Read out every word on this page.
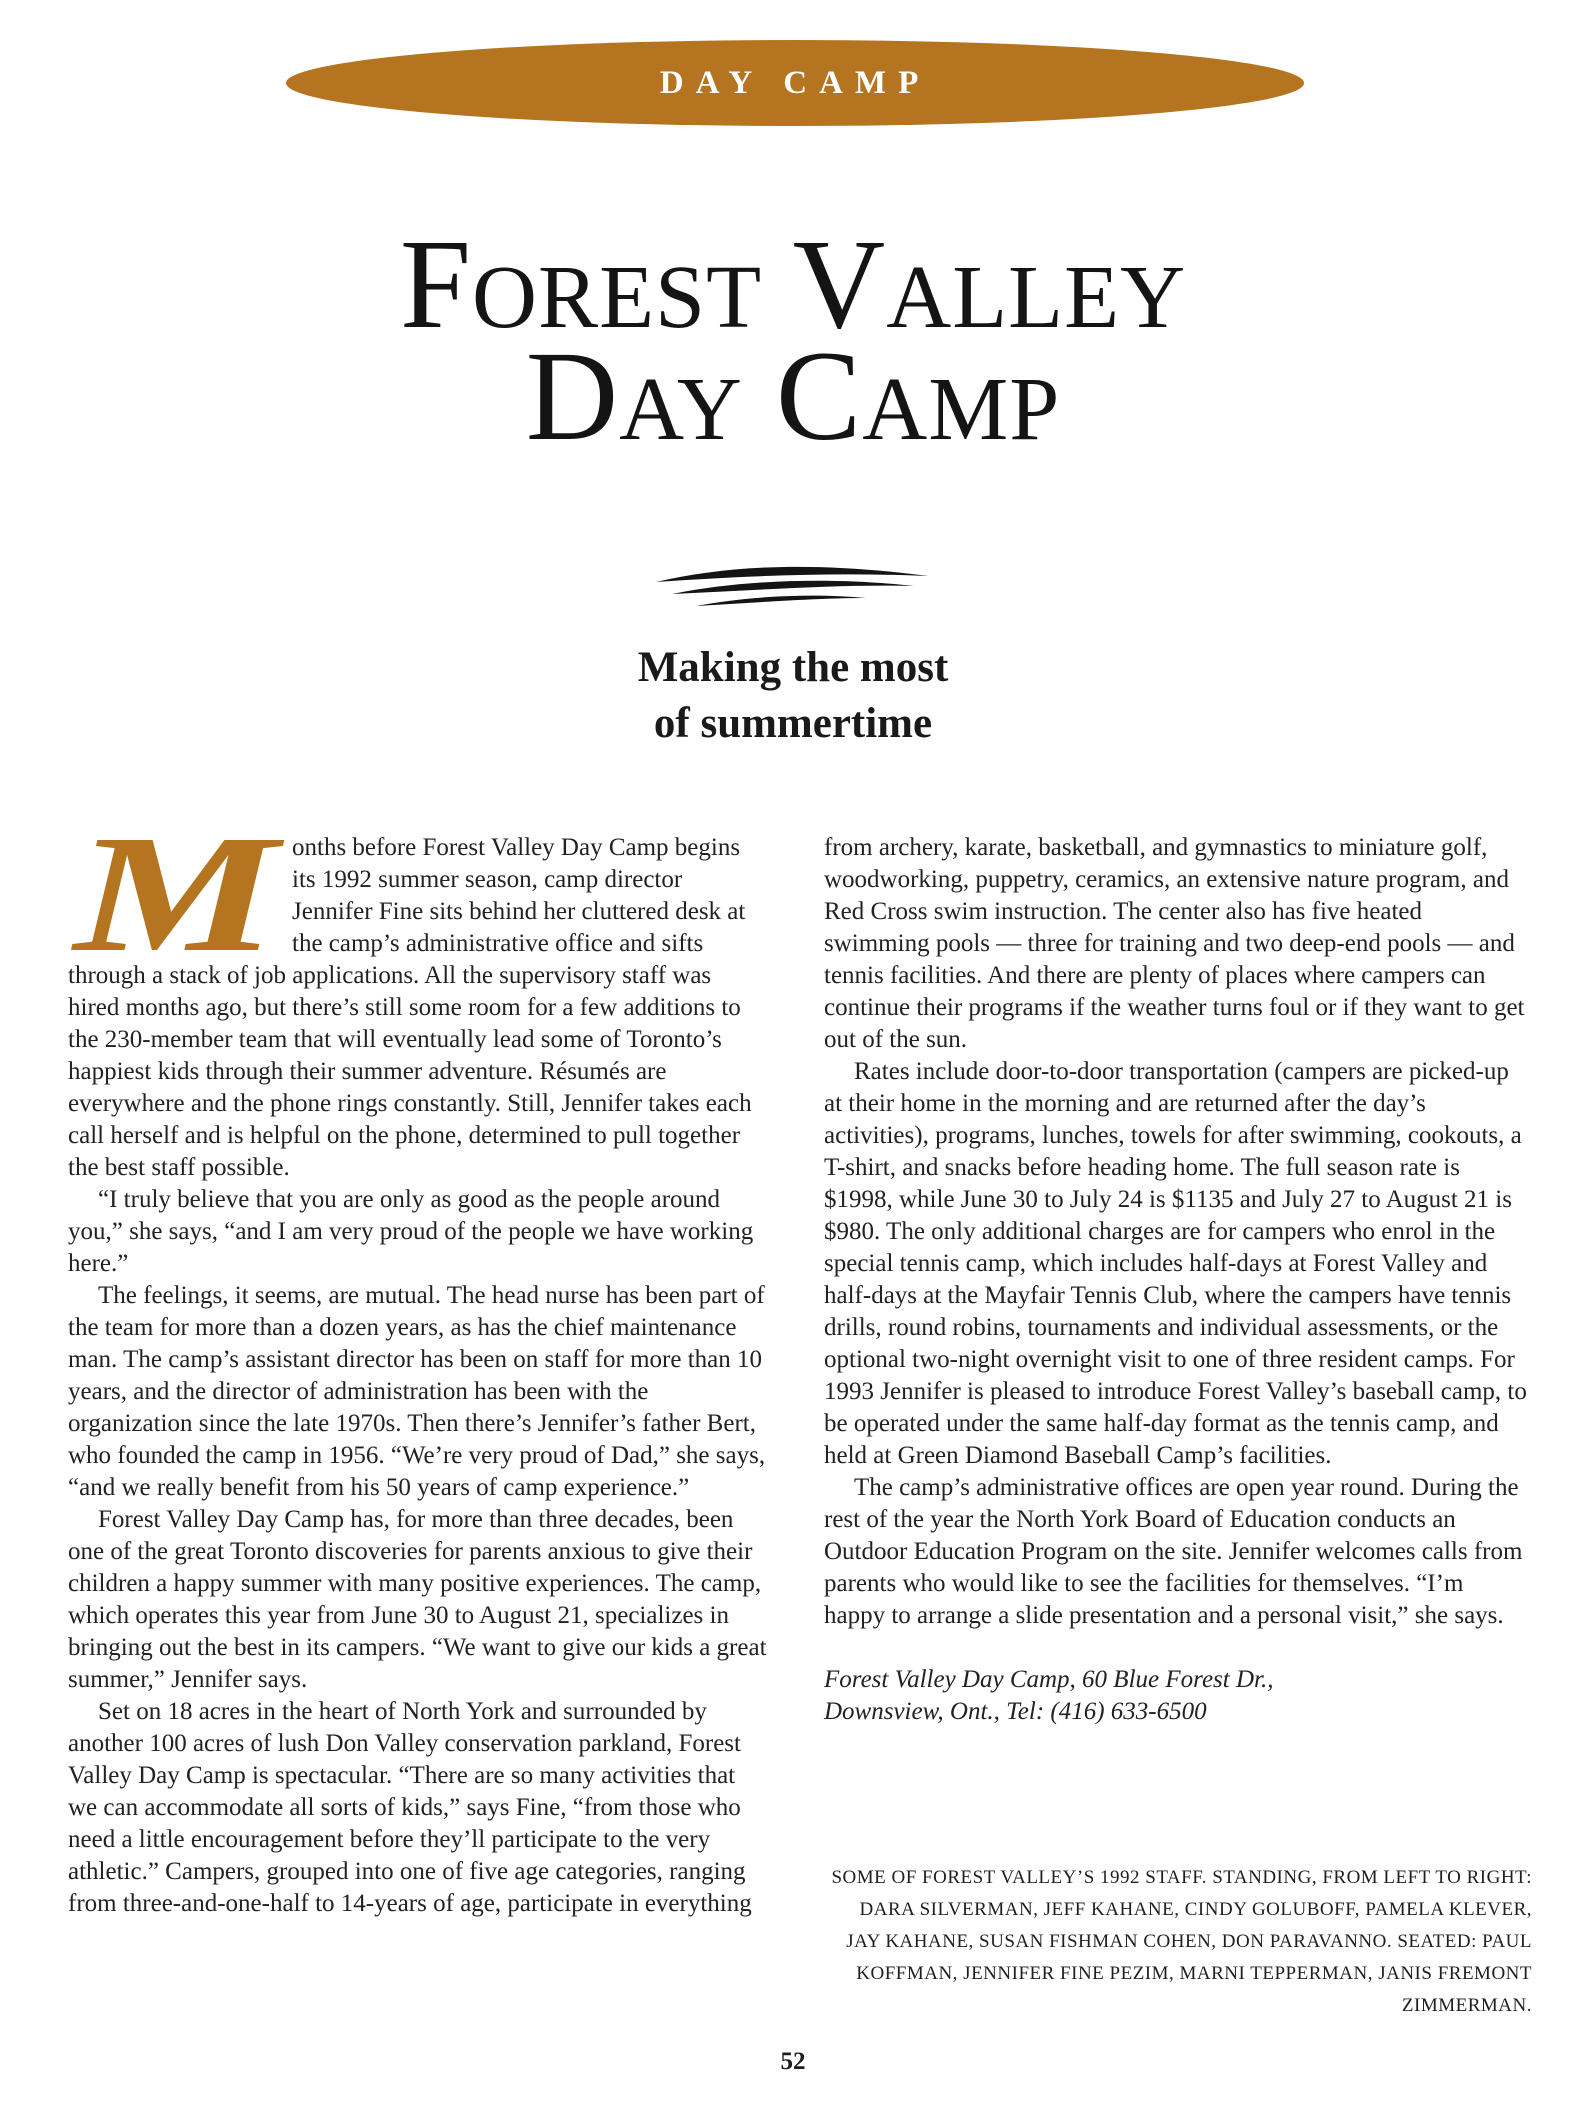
DAY CAMP
Forest Valley
Day Camp
Making the most
of summertime
M onths before Forest Valley Day Camp begins its 1992 summer season, camp director Jennifer Fine sits behind her cluttered desk at the camp’s administrative office and sifts through a stack of job applications. All the supervisory staff was hired months ago, but there’s still some room for a few additions to the 230-member team that will eventually lead some of Toronto’s happiest kids through their summer adventure. Résumés are everywhere and the phone rings constantly. Still, Jennifer takes each call herself and is helpful on the phone, determined to pull together the best staff possible.

“I truly believe that you are only as good as the people around you,” she says, “and I am very proud of the people we have working here.”

The feelings, it seems, are mutual. The head nurse has been part of the team for more than a dozen years, as has the chief maintenance man. The camp’s assistant director has been on staff for more than 10 years, and the director of administration has been with the organization since the late 1970s. Then there’s Jennifer’s father Bert, who founded the camp in 1956. “We’re very proud of Dad,” she says, “and we really benefit from his 50 years of camp experience.”

Forest Valley Day Camp has, for more than three decades, been one of the great Toronto discoveries for parents anxious to give their children a happy summer with many positive experiences. The camp, which operates this year from June 30 to August 21, specializes in bringing out the best in its campers. “We want to give our kids a great summer,” Jennifer says.

Set on 18 acres in the heart of North York and surrounded by another 100 acres of lush Don Valley conservation parkland, Forest Valley Day Camp is spectacular. “There are so many activities that we can accommodate all sorts of kids,” says Fine, “from those who need a little encouragement before they’ll participate to the very athletic.” Campers, grouped into one of five age categories, ranging from three-and-one-half to 14-years of age, participate in everything

from archery, karate, basketball, and gymnastics to miniature golf, woodworking, puppetry, ceramics, an extensive nature program, and Red Cross swim instruction. The center also has five heated swimming pools — three for training and two deep-end pools — and tennis facilities. And there are plenty of places where campers can continue their programs if the weather turns foul or if they want to get out of the sun.

Rates include door-to-door transportation (campers are picked-up at their home in the morning and are returned after the day’s activities), programs, lunches, towels for after swimming, cookouts, a T-shirt, and snacks before heading home. The full season rate is $1998, while June 30 to July 24 is $1135 and July 27 to August 21 is $980. The only additional charges are for campers who enrol in the special tennis camp, which includes half-days at Forest Valley and half-days at the Mayfair Tennis Club, where the campers have tennis drills, round robins, tournaments and individual assessments, or the optional two-night overnight visit to one of three resident camps. For 1993 Jennifer is pleased to introduce Forest Valley’s baseball camp, to be operated under the same half-day format as the tennis camp, and held at Green Diamond Baseball Camp’s facilities.

The camp’s administrative offices are open year round. During the rest of the year the North York Board of Education conducts an Outdoor Education Program on the site. Jennifer welcomes calls from parents who would like to see the facilities for themselves. “I’m happy to arrange a slide presentation and a personal visit,” she says.

Forest Valley Day Camp, 60 Blue Forest Dr.,
Downsview, Ont., Tel: (416) 633-6500

SOME OF FOREST VALLEY’S 1992 STAFF. STANDING, FROM LEFT TO RIGHT: DARA SILVERMAN, JEFF KAHANE, CINDY GOLUBOFF, PAMELA KLEVER, JAY KAHANE, SUSAN FISHMAN COHEN, DON PARAVANNO. SEATED: PAUL KOFFMAN, JENNIFER FINE PEZIM, MARNI TEPPERMAN, JANIS FREMONT ZIMMERMAN.
52
